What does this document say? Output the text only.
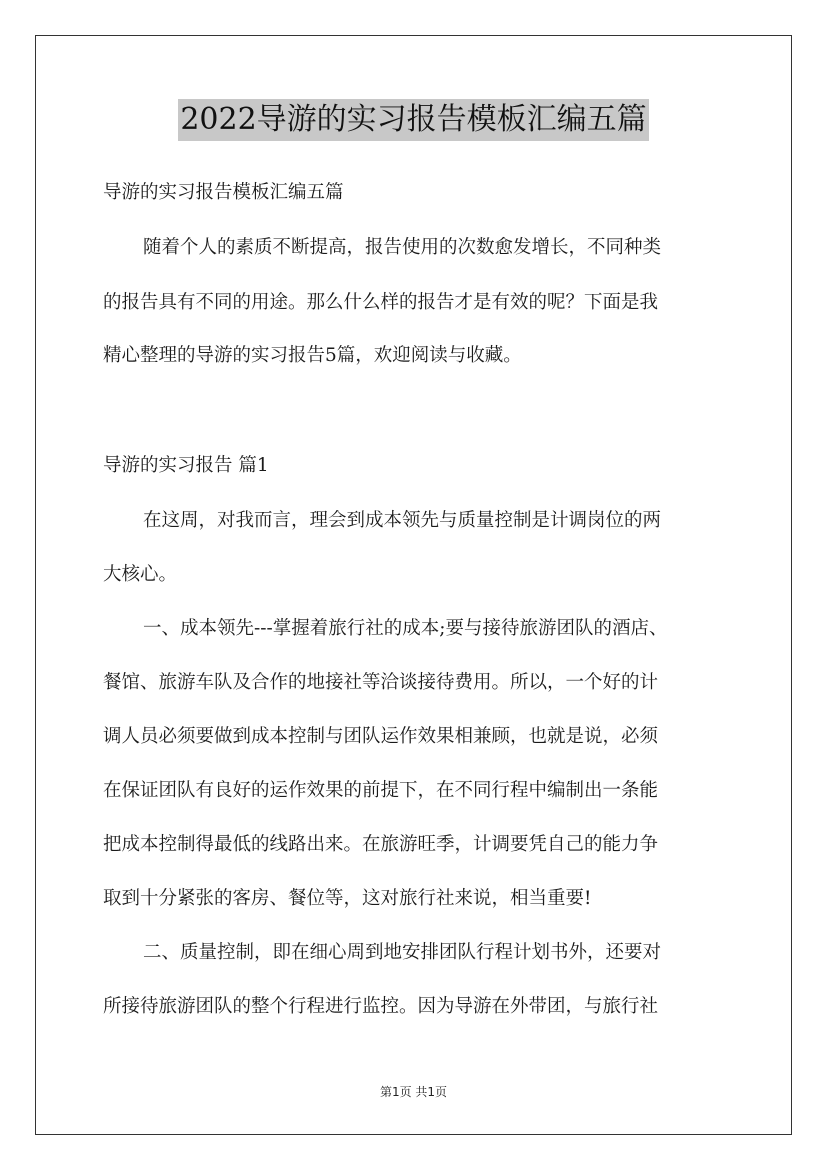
2022导游的实习报告模板汇编五篇
导游的实习报告模板汇编五篇
随着个人的素质不断提高，报告使用的次数愈发增长，不同种类
的报告具有不同的用途。那么什么样的报告才是有效的呢？下面是我
精心整理的导游的实习报告5篇，欢迎阅读与收藏。
导游的实习报告 篇1
在这周，对我而言，理会到成本领先与质量控制是计调岗位的两
大核心。
一、成本领先---掌握着旅行社的成本;要与接待旅游团队的酒店、
餐馆、旅游车队及合作的地接社等洽谈接待费用。所以，一个好的计
调人员必须要做到成本控制与团队运作效果相兼顾，也就是说，必须
在保证团队有良好的运作效果的前提下，在不同行程中编制出一条能
把成本控制得最低的线路出来。在旅游旺季，计调要凭自己的能力争
取到十分紧张的客房、餐位等，这对旅行社来说，相当重要!
二、质量控制，即在细心周到地安排团队行程计划书外，还要对
所接待旅游团队的整个行程进行监控。因为导游在外带团，与旅行社
第1页 共1页
